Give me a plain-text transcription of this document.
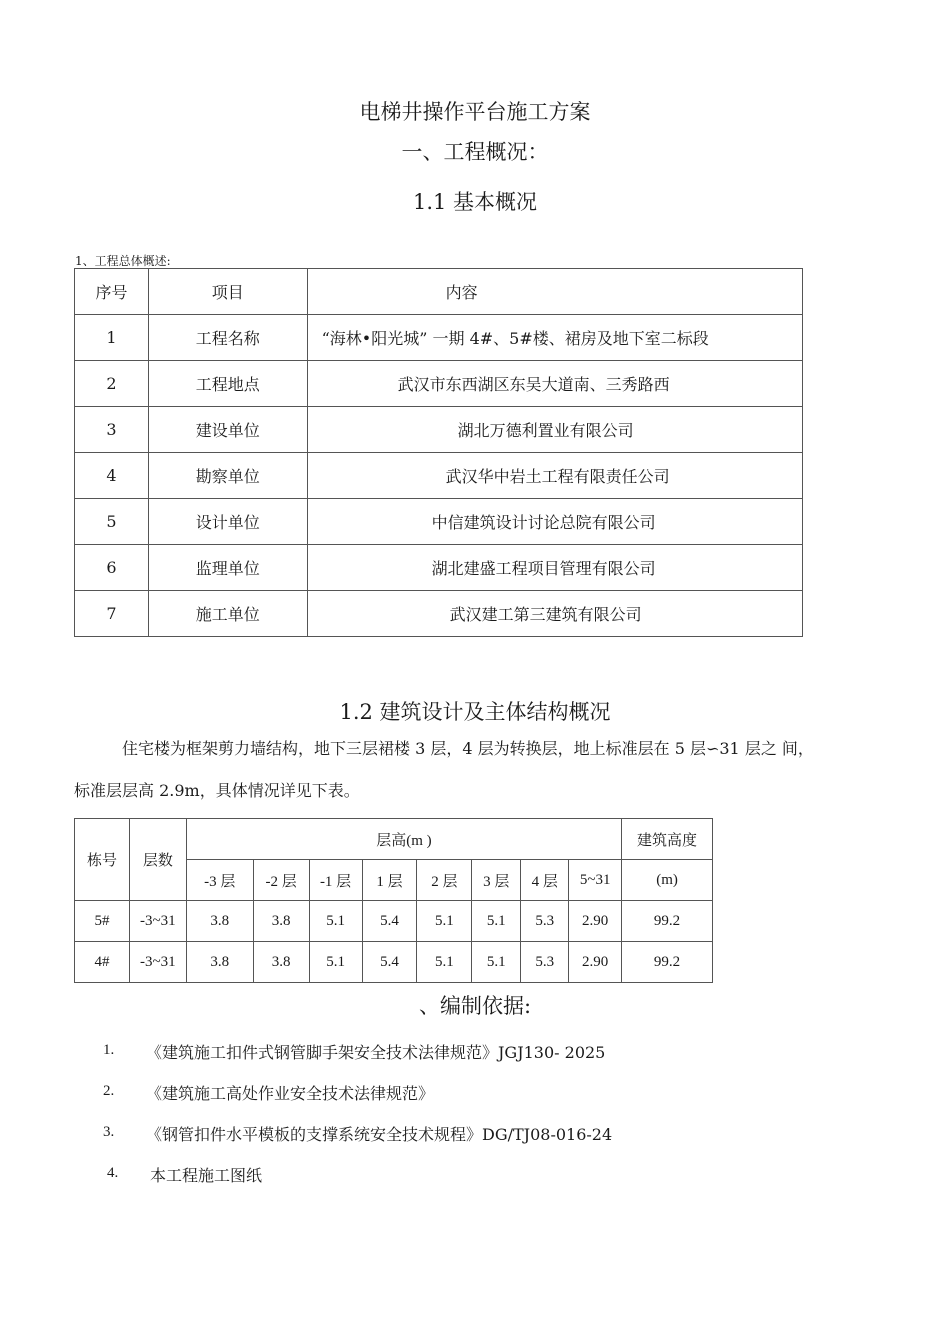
电梯井操作平台施工方案
一、工程概况：
1.1 基本概况
1、工程总体概述:
序号	项目	内容
1	工程名称	“海林•阳光城” 一期 4#、5#楼、裙房及地下室二标段
2	工程地点	武汉市东西湖区东吴大道南、三秀路西
3	建设单位	湖北万德利置业有限公司
4	勘察单位	武汉华中岩土工程有限责任公司
5	设计单位	中信建筑设计讨论总院有限公司
6	监理单位	湖北建盛工程项目管理有限公司
7	施工单位	武汉建工第三建筑有限公司
1.2 建筑设计及主体结构概况
住宅楼为框架剪力墙结构，地下三层裙楼 3 层，4 层为转换层，地上标准层在 5 层∽31 层之 间，
标准层层高 2.9m，具体情况详见下表。
栋号	层数	层高(m )								建筑高度
		-3 层	-2 层	-1 层	1 层	2 层	3 层	4 层	5~31	(m)
5#	-3~31	3.8	3.8	5.1	5.4	5.1	5.1	5.3	2.90	99.2
4#	-3~31	3.8	3.8	5.1	5.4	5.1	5.1	5.3	2.90	99.2
、编制依据:
1. 《建筑施工扣件式钢管脚手架安全技术法律规范》JGJ130- 2025
2. 《建筑施工高处作业安全技术法律规范》
3. 《钢管扣件水平模板的支撑系统安全技术规程》DG/TJ08-016-24
4. 本工程施工图纸
